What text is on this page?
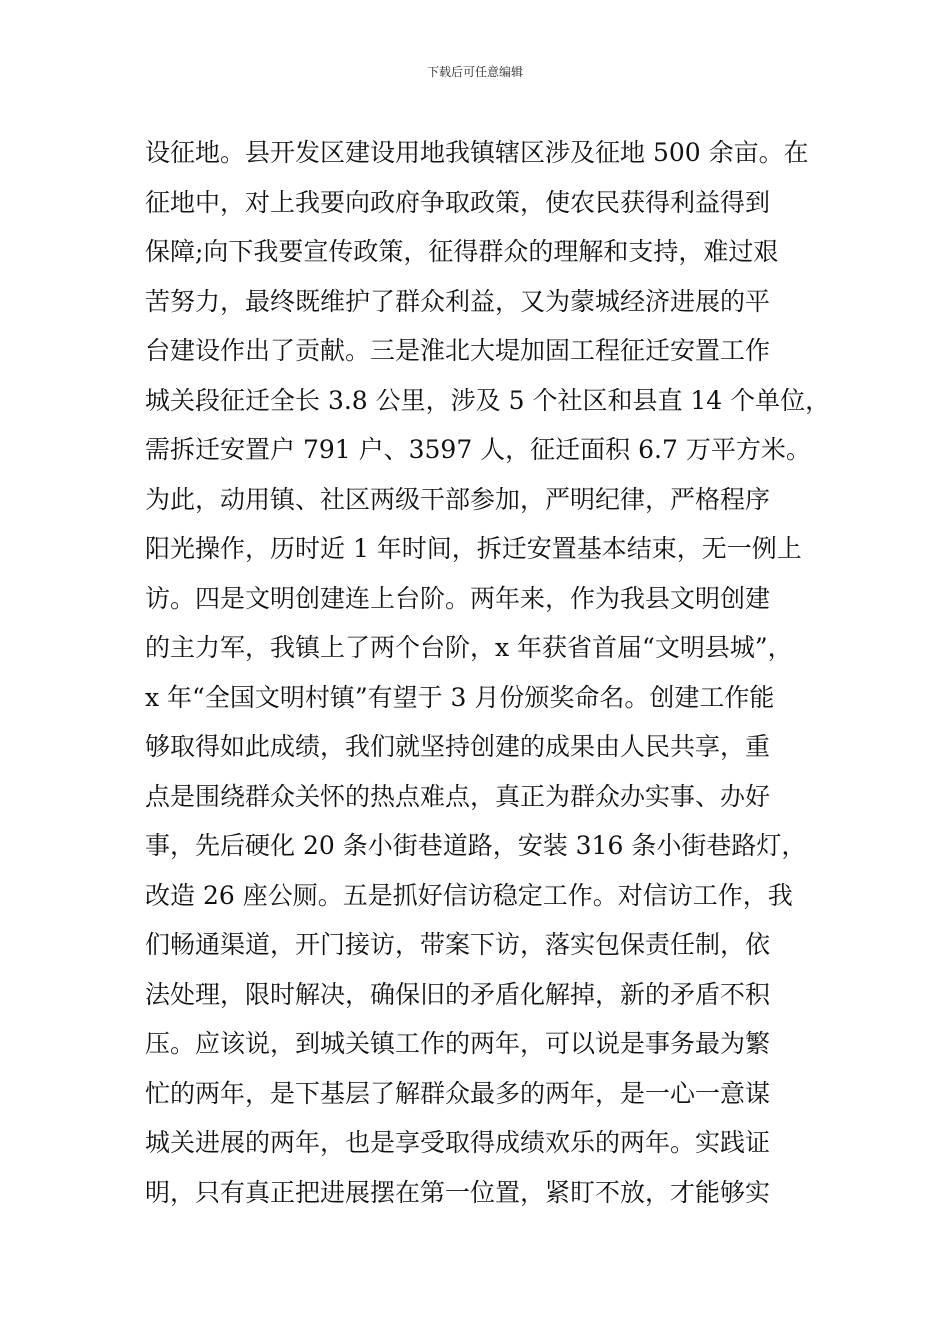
下载后可任意编辑
设征地。县开发区建设用地我镇辖区涉及征地 500 余亩。在
征地中，对上我要向政府争取政策，使农民获得利益得到
保障;向下我要宣传政策，征得群众的理解和支持，难过艰
苦努力，最终既维护了群众利益，又为蒙城经济进展的平
台建设作出了贡献。三是淮北大堤加固工程征迁安置工作
城关段征迁全长 3.8 公里，涉及 5 个社区和县直 14 个单位，
需拆迁安置户 791 户、3597 人，征迁面积 6.7 万平方米。
为此，动用镇、社区两级干部参加，严明纪律，严格程序
阳光操作，历时近 1 年时间，拆迁安置基本结束，无一例上
访。四是文明创建连上台阶。两年来，作为我县文明创建
的主力军，我镇上了两个台阶，x 年获省首届“文明县城”，
x 年“全国文明村镇”有望于 3 月份颁奖命名。创建工作能
够取得如此成绩，我们就坚持创建的成果由人民共享，重
点是围绕群众关怀的热点难点，真正为群众办实事、办好
事，先后硬化 20 条小街巷道路，安装 316 条小街巷路灯，
改造 26 座公厕。五是抓好信访稳定工作。对信访工作，我
们畅通渠道，开门接访，带案下访，落实包保责任制，依
法处理，限时解决，确保旧的矛盾化解掉，新的矛盾不积
压。应该说，到城关镇工作的两年，可以说是事务最为繁
忙的两年，是下基层了解群众最多的两年，是一心一意谋
城关进展的两年，也是享受取得成绩欢乐的两年。实践证
明，只有真正把进展摆在第一位置，紧盯不放，才能够实
